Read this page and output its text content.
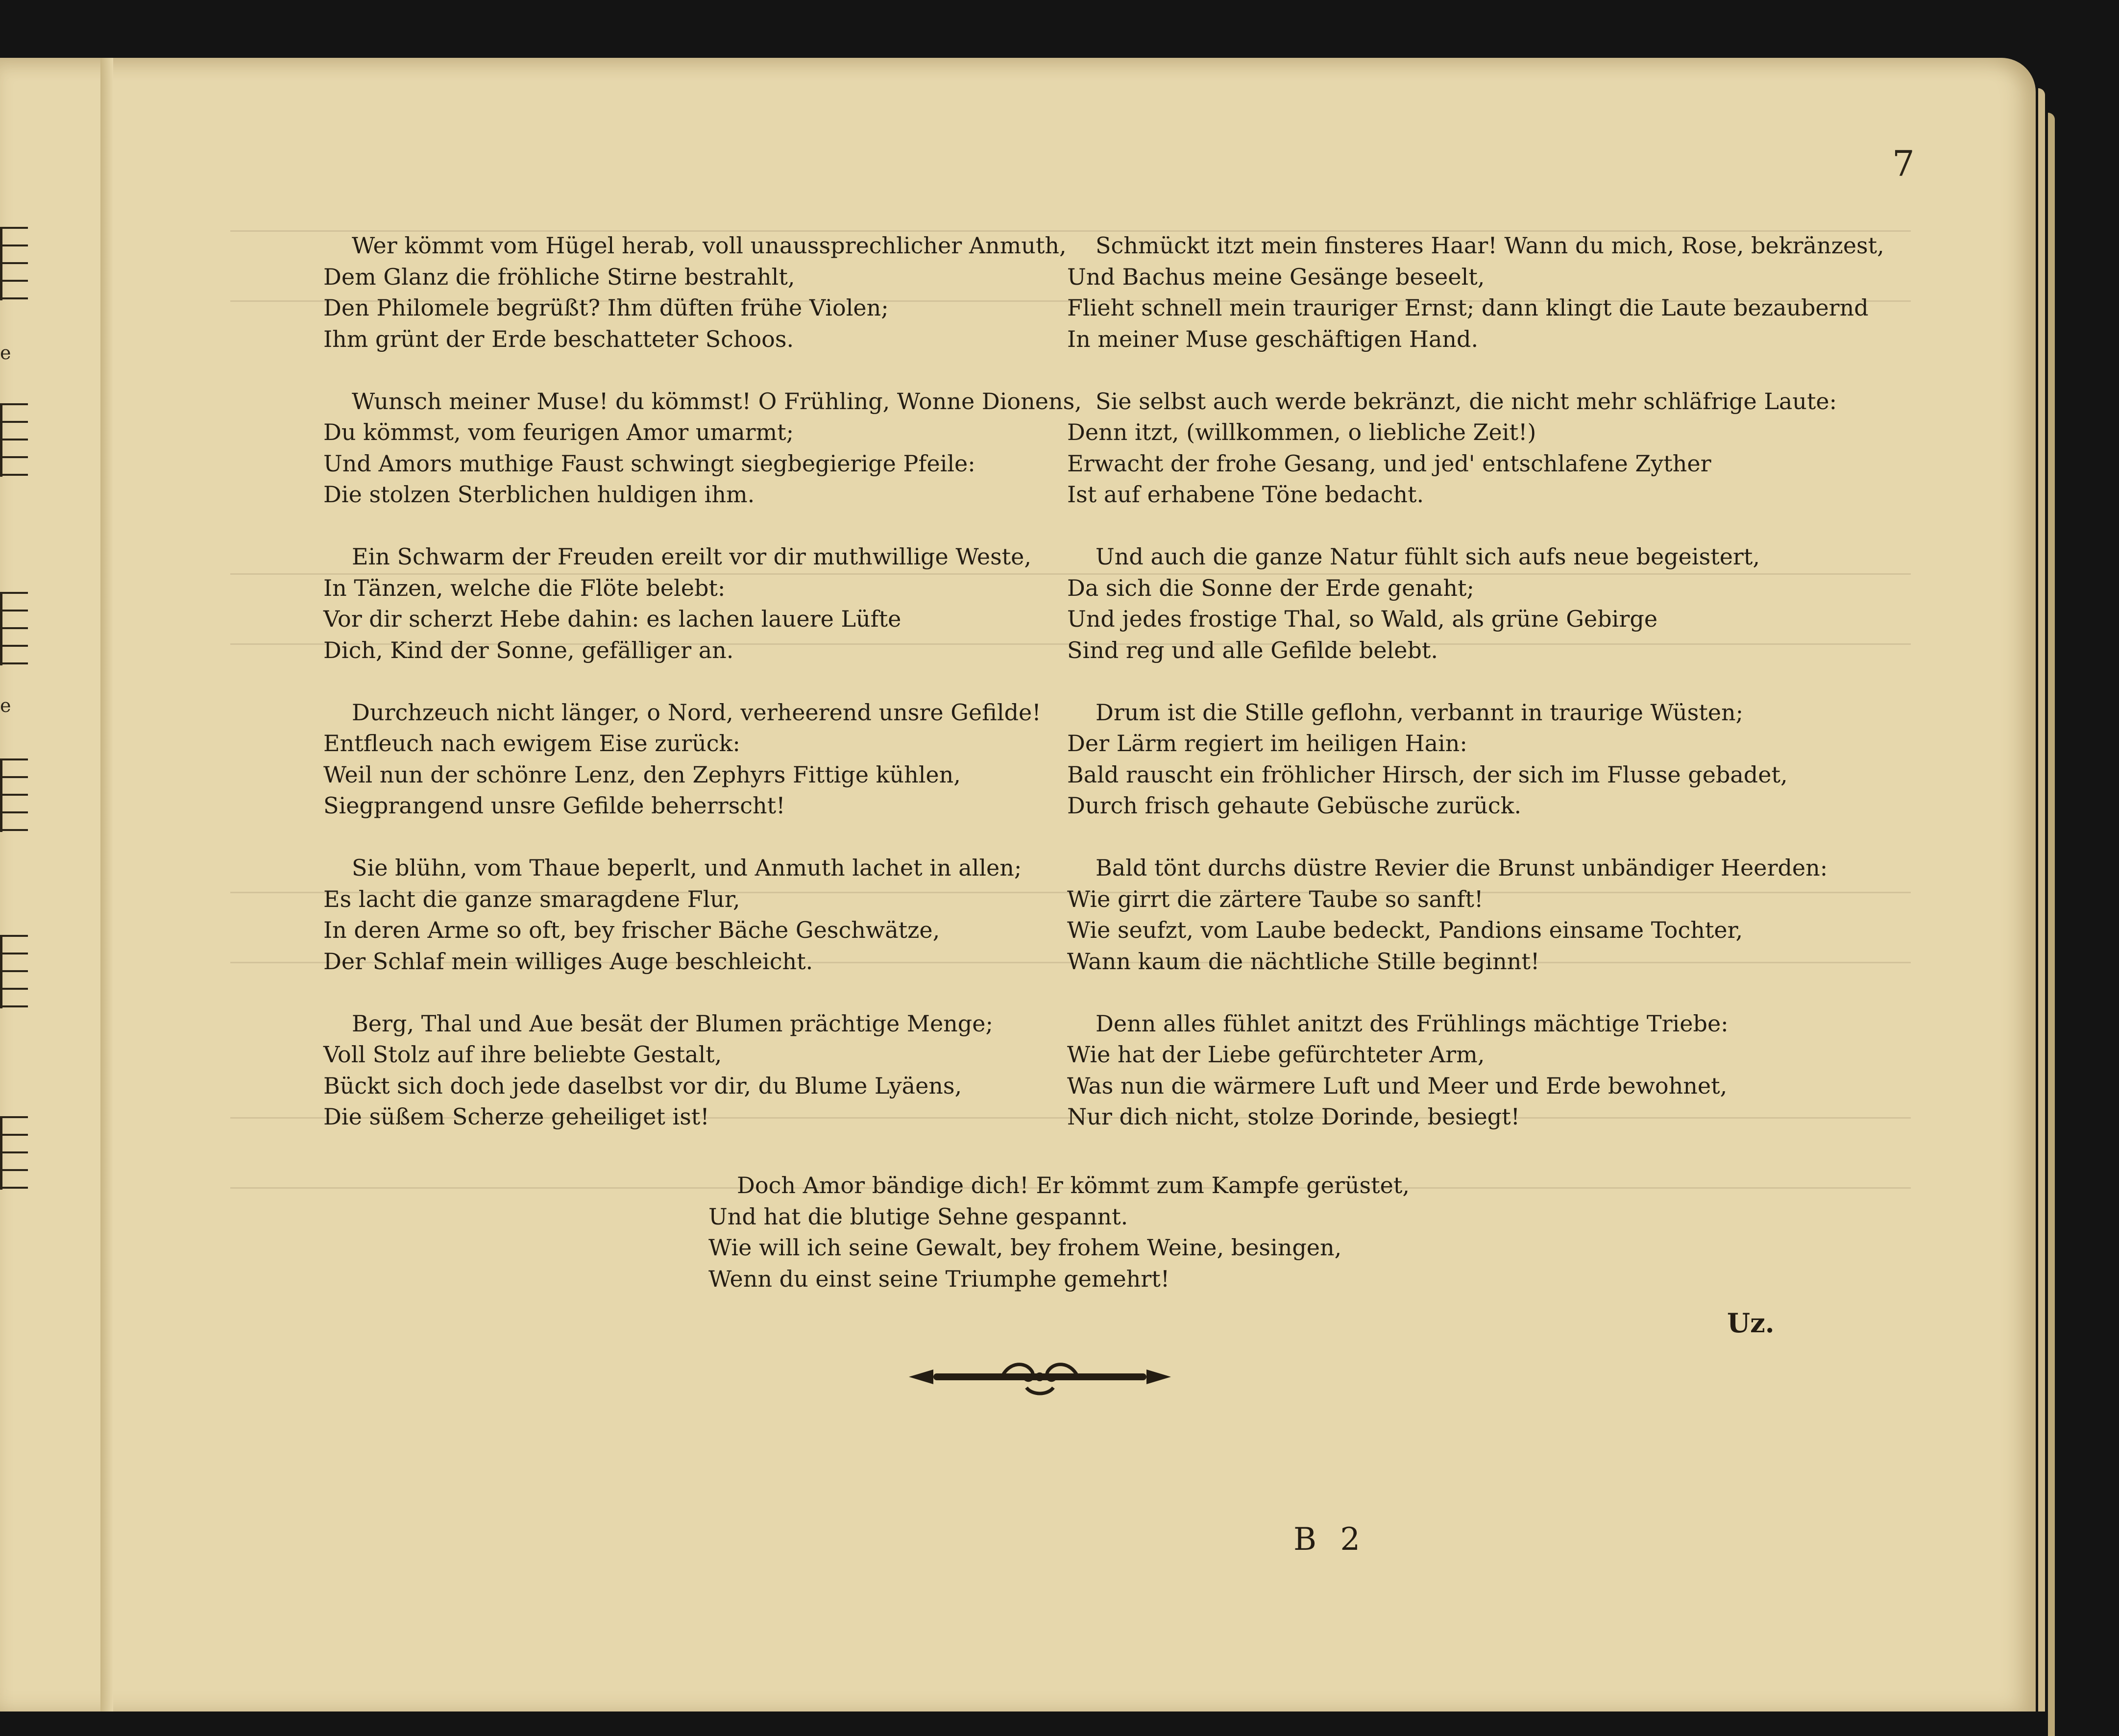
e
e
7
Wer kömmt vom Hügel herab, voll unaussprechlicher Anmuth,
Dem Glanz die fröhliche Stirne bestrahlt,
Den Philomele begrüßt? Ihm düften frühe Violen;
Ihm grünt der Erde beschatteter Schoos.
Wunsch meiner Muse! du kömmst! O Frühling, Wonne Dionens,
Du kömmst, vom feurigen Amor umarmt;
Und Amors muthige Faust schwingt siegbegierige Pfeile:
Die stolzen Sterblichen huldigen ihm.
Ein Schwarm der Freuden ereilt vor dir muthwillige Weste,
In Tänzen, welche die Flöte belebt:
Vor dir scherzt Hebe dahin: es lachen lauere Lüfte
Dich, Kind der Sonne, gefälliger an.
Durchzeuch nicht länger, o Nord, verheerend unsre Gefilde!
Entfleuch nach ewigem Eise zurück:
Weil nun der schönre Lenz, den Zephyrs Fittige kühlen,
Siegprangend unsre Gefilde beherrscht!
Sie blühn, vom Thaue beperlt, und Anmuth lachet in allen;
Es lacht die ganze smaragdene Flur,
In deren Arme so oft, bey frischer Bäche Geschwätze,
Der Schlaf mein williges Auge beschleicht.
Berg, Thal und Aue besät der Blumen prächtige Menge;
Voll Stolz auf ihre beliebte Gestalt,
Bückt sich doch jede daselbst vor dir, du Blume Lyäens,
Die süßem Scherze geheiliget ist!
Schmückt itzt mein finsteres Haar! Wann du mich, Rose, bekränzest,
Und Bachus meine Gesänge beseelt,
Flieht schnell mein trauriger Ernst; dann klingt die Laute bezaubernd
In meiner Muse geschäftigen Hand.
Sie selbst auch werde bekränzt, die nicht mehr schläfrige Laute:
Denn itzt, (willkommen, o liebliche Zeit!)
Erwacht der frohe Gesang, und jed' entschlafene Zyther
Ist auf erhabene Töne bedacht.
Und auch die ganze Natur fühlt sich aufs neue begeistert,
Da sich die Sonne der Erde genaht;
Und jedes frostige Thal, so Wald, als grüne Gebirge
Sind reg und alle Gefilde belebt.
Drum ist die Stille geflohn, verbannt in traurige Wüsten;
Der Lärm regiert im heiligen Hain:
Bald rauscht ein fröhlicher Hirsch, der sich im Flusse gebadet,
Durch frisch gehaute Gebüsche zurück.
Bald tönt durchs düstre Revier die Brunst unbändiger Heerden:
Wie girrt die zärtere Taube so sanft!
Wie seufzt, vom Laube bedeckt, Pandions einsame Tochter,
Wann kaum die nächtliche Stille beginnt!
Denn alles fühlet anitzt des Frühlings mächtige Triebe:
Wie hat der Liebe gefürchteter Arm,
Was nun die wärmere Luft und Meer und Erde bewohnet,
Nur dich nicht, stolze Dorinde, besiegt!
Doch Amor bändige dich! Er kömmt zum Kampfe gerüstet,
Und hat die blutige Sehne gespannt.
Wie will ich seine Gewalt, bey frohem Weine, besingen,
Wenn du einst seine Triumphe gemehrt!
Uz.
B 2
